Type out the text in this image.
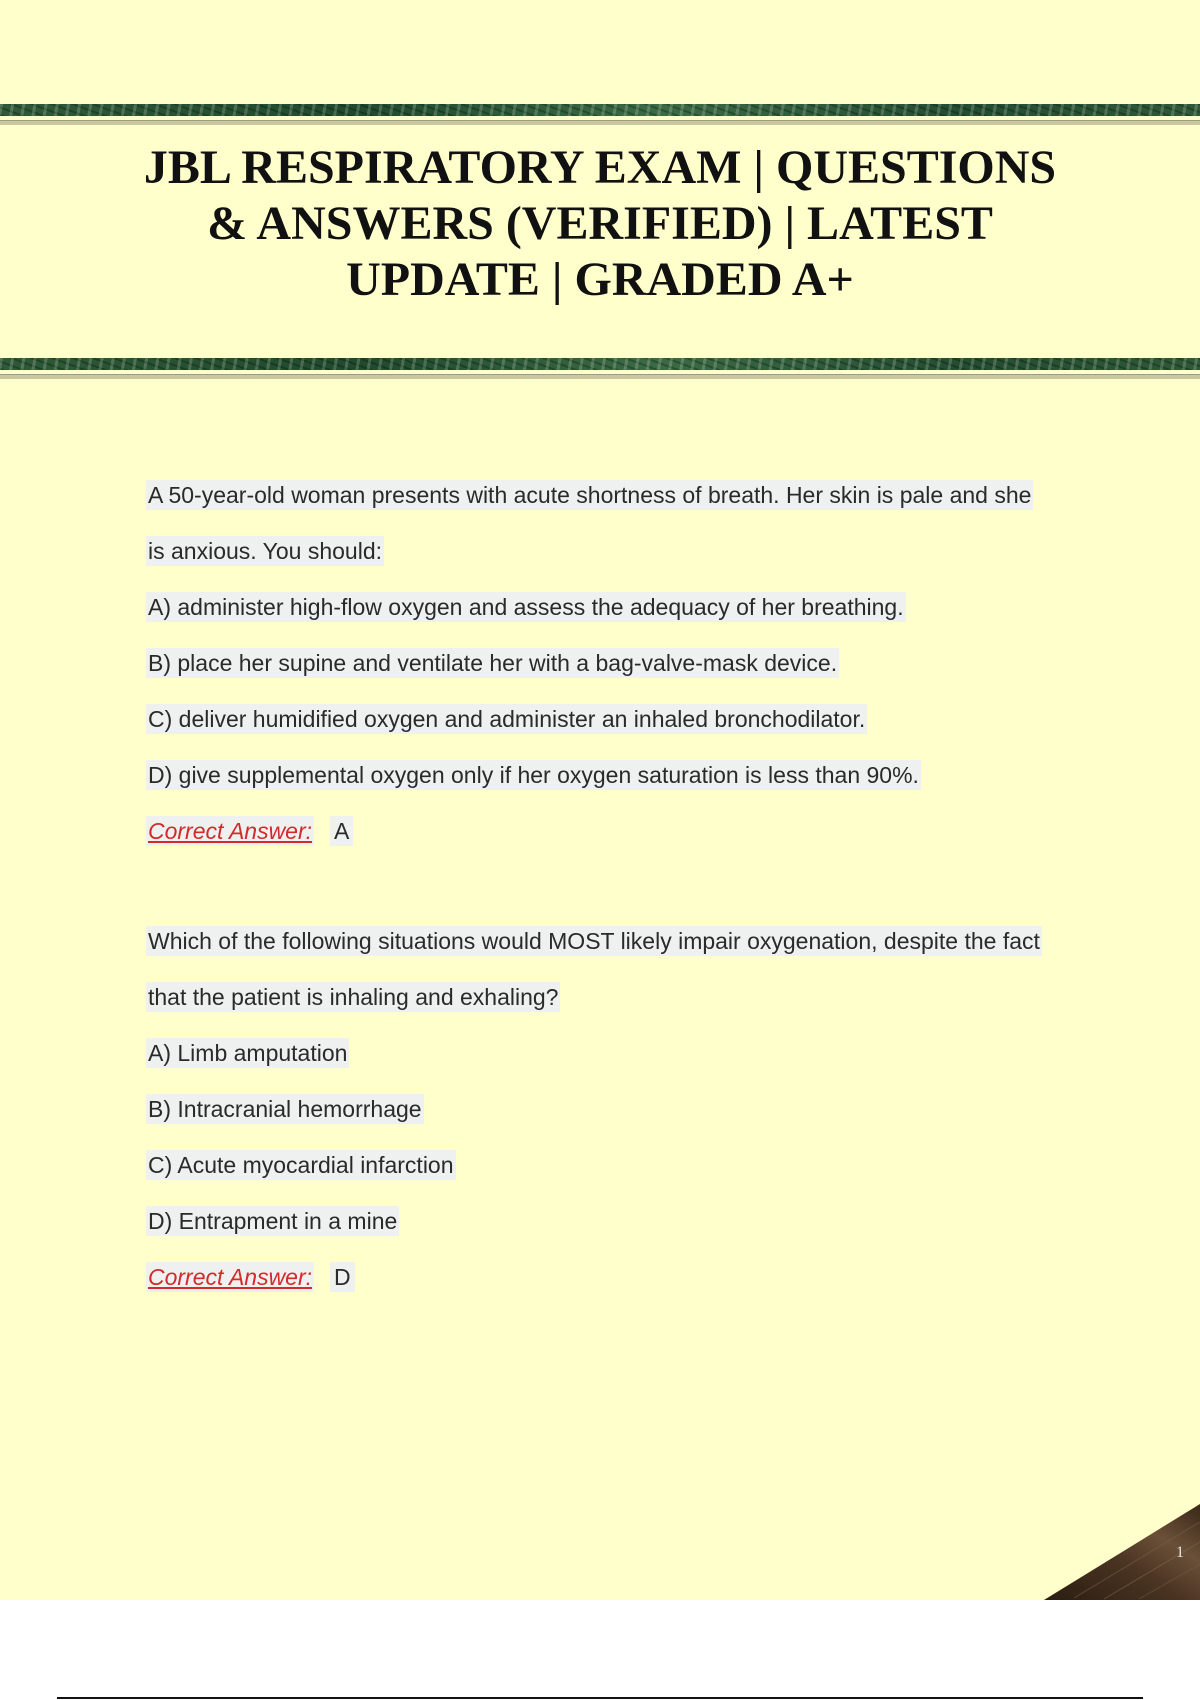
JBL RESPIRATORY EXAM | QUESTIONS
& ANSWERS (VERIFIED) | LATEST
UPDATE | GRADED A+
A 50-year-old woman presents with acute shortness of breath. Her skin is pale and she
is anxious. You should:
A) administer high-flow oxygen and assess the adequacy of her breathing.
B) place her supine and ventilate her with a bag-valve-mask device.
C) deliver humidified oxygen and administer an inhaled bronchodilator.
D) give supplemental oxygen only if her oxygen saturation is less than 90%.
Correct Answer: A
Which of the following situations would MOST likely impair oxygenation, despite the fact
that the patient is inhaling and exhaling?
A) Limb amputation
B) Intracranial hemorrhage
C) Acute myocardial infarction
D) Entrapment in a mine
Correct Answer: D
1
